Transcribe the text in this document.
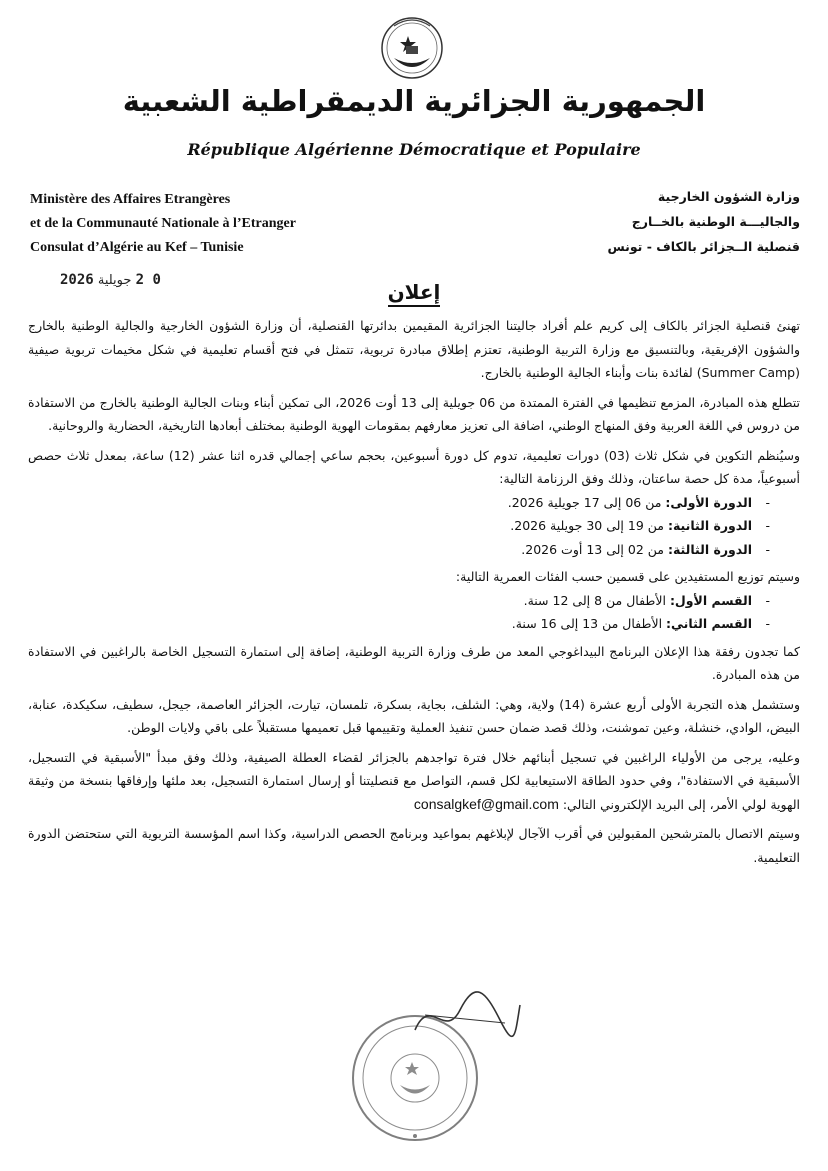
الجمهورية الجزائرية الديمقراطية الشعبية
République Algérienne Démocratique et Populaire
Ministère des Affaires Etrangères
et de la Communauté Nationale à l’Etranger
Consulat d’Algérie au Kef – Tunisie
وزارة الشؤون الخارجية
والجاليـــة الوطنية بالخــارج
قنصلية الــجزائر بالكاف - تونس
0 2 جويلية 2026	إعلان

تهنئ قنصلية الجزائر بالكاف إلى كريم علم أفراد جاليتنا الجزائرية المقيمين بدائرتها القنصلية، أن وزارة الشؤون الخارجية والجالية الوطنية بالخارج والشؤون الإفريقية، وبالتنسيق مع وزارة التربية الوطنية، تعتزم إطلاق مبادرة تربوية، تتمثل في فتح أقسام تعليمية في شكل مخيمات تربوية صيفية (Summer Camp) لفائدة بنات وأبناء الجالية الوطنية بالخارج.

تتطلع هذه المبادرة، المزمع تنظيمها في الفترة الممتدة من 06 جويلية إلى 13 أوت 2026، الى تمكين أبناء وبنات الجالية الوطنية بالخارج من الاستفادة من دروس في اللغة العربية وفق المنهاج الوطني، اضافة الى تعزيز معارفهم بمقومات الهوية الوطنية بمختلف أبعادها التاريخية، الحضارية والروحانية.

وسيُنظم التكوين في شكل ثلاث (03) دورات تعليمية، تدوم كل دورة أسبوعين، بحجم ساعي إجمالي قدره اثنا عشر (12) ساعة، بمعدل ثلاث حصص أسبوعياً، مدة كل حصة ساعتان، وذلك وفق الرزنامة التالية:

- الدورة الأولى: من 06 إلى 17 جويلية 2026.
- الدورة الثانية: من 19 إلى 30 جويلية 2026.
- الدورة الثالثة: من 02 إلى 13 أوت 2026.

وسيتم توزيع المستفيدين على قسمين حسب الفئات العمرية التالية:

- القسم الأول: الأطفال من 8 إلى 12 سنة.
- القسم الثاني: الأطفال من 13 إلى 16 سنة.

كما تجدون رفقة هذا الإعلان البرنامج البيداغوجي المعد من طرف وزارة التربية الوطنية، إضافة إلى استمارة التسجيل الخاصة بالراغبين في الاستفادة من هذه المبادرة.

وستشمل هذه التجربة الأولى أربع عشرة (14) ولاية، وهي: الشلف، بجاية، بسكرة، تلمسان، تيارت، الجزائر العاصمة، جيجل، سطيف، سكيكدة، عنابة، البيض، الوادي، خنشلة، وعين تموشنت، وذلك قصد ضمان حسن تنفيذ العملية وتقييمها قبل تعميمها مستقبلاً على باقي ولايات الوطن.

وعليه، يرجى من الأولياء الراغبين في تسجيل أبنائهم خلال فترة تواجدهم بالجزائر لقضاء العطلة الصيفية، وذلك وفق مبدأ "الأسبقية في التسجيل، الأسبقية في الاستفادة"، وفي حدود الطاقة الاستيعابية لكل قسم، التواصل مع قنصليتنا أو إرسال استمارة التسجيل، بعد ملئها وإرفاقها بنسخة من وثيقة الهوية لولي الأمر، إلى البريد الإلكتروني التالي: consalgkef@gmail.com

وسيتم الاتصال بالمترشحين المقبولين في أقرب الآجال لإبلاغهم بمواعيد وبرنامج الحصص الدراسية، وكذا اسم المؤسسة التربوية التي ستحتضن الدورة التعليمية.
